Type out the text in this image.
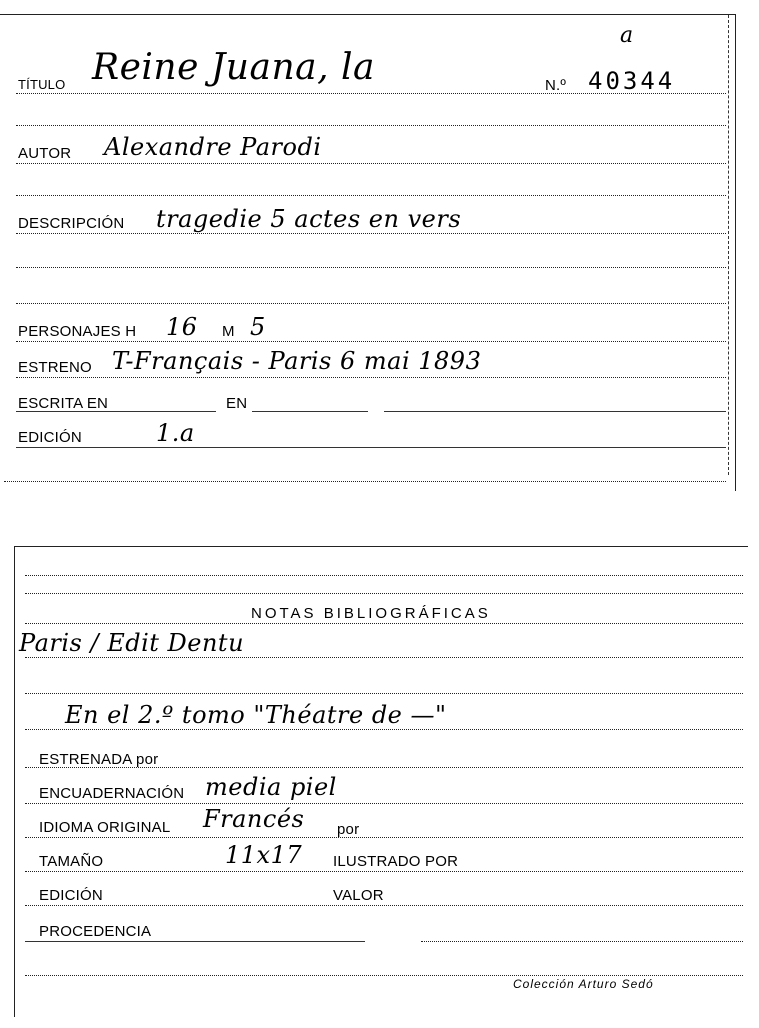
a
TÍTULO Reine Juana, la	N.º 40344
AUTOR Alexandre Parodi
DESCRIPCIÓN tragedie 5 actes en vers
PERSONAJES H 16 M 5
ESTRENO T-Français - Paris 6 mai 1893
ESCRITA EN	EN
EDICIÓN	1.a
NOTAS BIBLIOGRÁFICAS
Paris / Edit Dentu
En el 2.º tomo "Théatre de —"
ESTRENADA por
ENCUADERNACIÓN media piel
IDIOMA ORIGINAL Francés por
TAMAÑO	11x17 ILUSTRADO POR
EDICIÓN	VALOR
PROCEDENCIA
Colección Arturo Sedó
